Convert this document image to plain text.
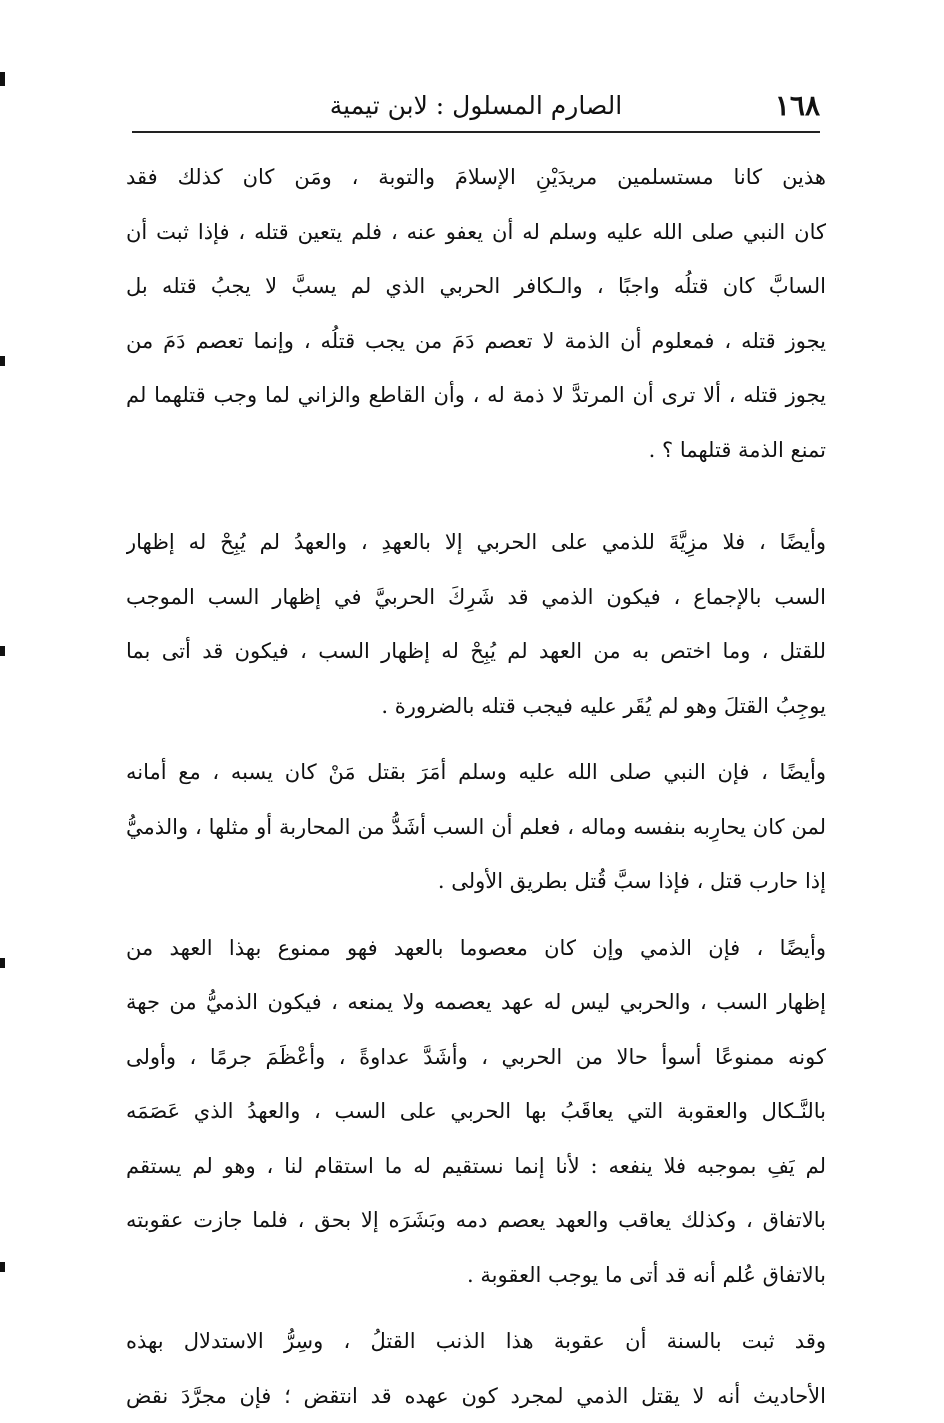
١٦٨
الصارم المسلول : لابن تيمية
هذين كانا مستسلمين مريدَيْنِ الإسلامَ والتوبة ، ومَن كان كذلك فقد
كان النبي صلى الله عليه وسلم له أن يعفو عنه ، فلم يتعين قتله ، فإذا ثبت أن
السابَّ كان قتلُه واجبًا ، والـكافر الحربي الذي لم يسبَّ لا يجبُ قتله بل
يجوز قتله ، فمعلوم أن الذمة لا تعصم دَمَ من يجب قتلُه ، وإنما تعصم دَمَ من
يجوز قتله ، ألا ترى أن المرتدَّ لا ذمة له ، وأن القاطع والزاني لما وجب قتلهما لم
تمنع الذمة قتلهما ؟ .
وأيضًا ، فلا مزِيَّةَ للذمي على الحربي إلا بالعهدِ ، والعهدُ لم يُبِحْ له إظهار
السب بالإجماع ، فيكون الذمي قد شَرِكَ الحربيَّ في إظهار السب الموجب
للقتل ، وما اختص به من العهد لم يُبِحْ له إظهار السب ، فيكون قد أتى بما
يوجِبُ القتلَ وهو لم يُقَر عليه فيجب قتله بالضرورة .
وأيضًا ، فإن النبي صلى الله عليه وسلم أمَرَ بقتل مَنْ كان يسبه ، مع أمانه
لمن كان يحارِبه بنفسه وماله ، فعلم أن السب أشَدُّ من المحاربة أو مثلها ، والذميُّ
إذا حارب قتل ، فإذا سبَّ قُتل بطريق الأولى .
وأيضًا ، فإن الذمي وإن كان معصوما بالعهد فهو ممنوع بهذا العهد من
إظهار السب ، والحربي ليس له عهد يعصمه ولا يمنعه ، فيكون الذميُّ من جهة
كونه ممنوعًا أسوأ حالا من الحربي ، وأشَدَّ عداوةً ، وأعْظَمَ جرمًا ، وأولى
بالنَّـكال والعقوبة التي يعاقَبُ بها الحربي على السب ، والعهدُ الذي عَصَمَه
لم يَفِ بموجبه فلا ينفعه : لأنا إنما نستقيم له ما استقام لنا ، وهو لم يستقم
بالاتفاق ، وكذلك يعاقب والعهد يعصم دمه وبَشَرَه إلا بحق ، فلما جازت عقوبته
بالاتفاق عُلم أنه قد أتى ما يوجب العقوبة .
وقد ثبت بالسنة أن عقوبة هذا الذنب القتلُ ، وسِرُّ الاستدلال بهذه
الأحاديث أنه لا يقتل الذمي لمجرد كون عهده قد انتقض ؛ فإن مجرَّدَ نقض
